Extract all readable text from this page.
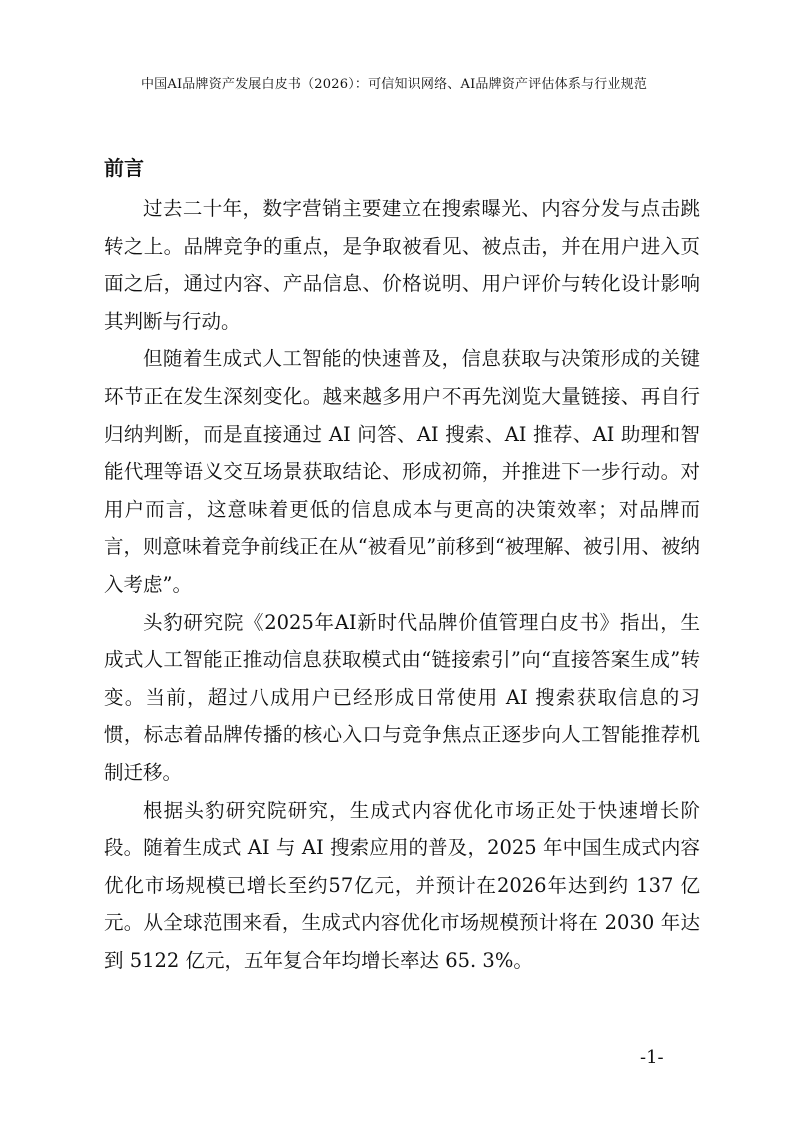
中国AI品牌资产发展白皮书（2026）：可信知识网络、AI品牌资产评估体系与行业规范
前言

过去二十年，数字营销主要建立在搜索曝光、内容分发与点击跳转之上。品牌竞争的重点，是争取被看见、被点击，并在用户进入页面之后，通过内容、产品信息、价格说明、用户评价与转化设计影响其判断与行动。

但随着生成式人工智能的快速普及，信息获取与决策形成的关键环节正在发生深刻变化。越来越多用户不再先浏览大量链接、再自行归纳判断，而是直接通过 AI 问答、AI 搜索、AI 推荐、AI 助理和智能代理等语义交互场景获取结论、形成初筛，并推进下一步行动。对用户而言，这意味着更低的信息成本与更高的决策效率；对品牌而言，则意味着竞争前线正在从“被看见”前移到“被理解、被引用、被纳入考虑”。

头豹研究院《2025年AI新时代品牌价值管理白皮书》指出，生成式人工智能正推动信息获取模式由“链接索引”向“直接答案生成”转变。当前，超过八成用户已经形成日常使用 AI 搜索获取信息的习惯，标志着品牌传播的核心入口与竞争焦点正逐步向人工智能推荐机制迁移。

根据头豹研究院研究，生成式内容优化市场正处于快速增长阶段。随着生成式 AI 与 AI 搜索应用的普及，2025 年中国生成式内容优化市场规模已增长至约57亿元，并预计在2026年达到约 137 亿元。从全球范围来看，生成式内容优化市场规模预计将在 2030 年达到 5122 亿元，五年复合年均增长率达 65. 3%。

-1-
